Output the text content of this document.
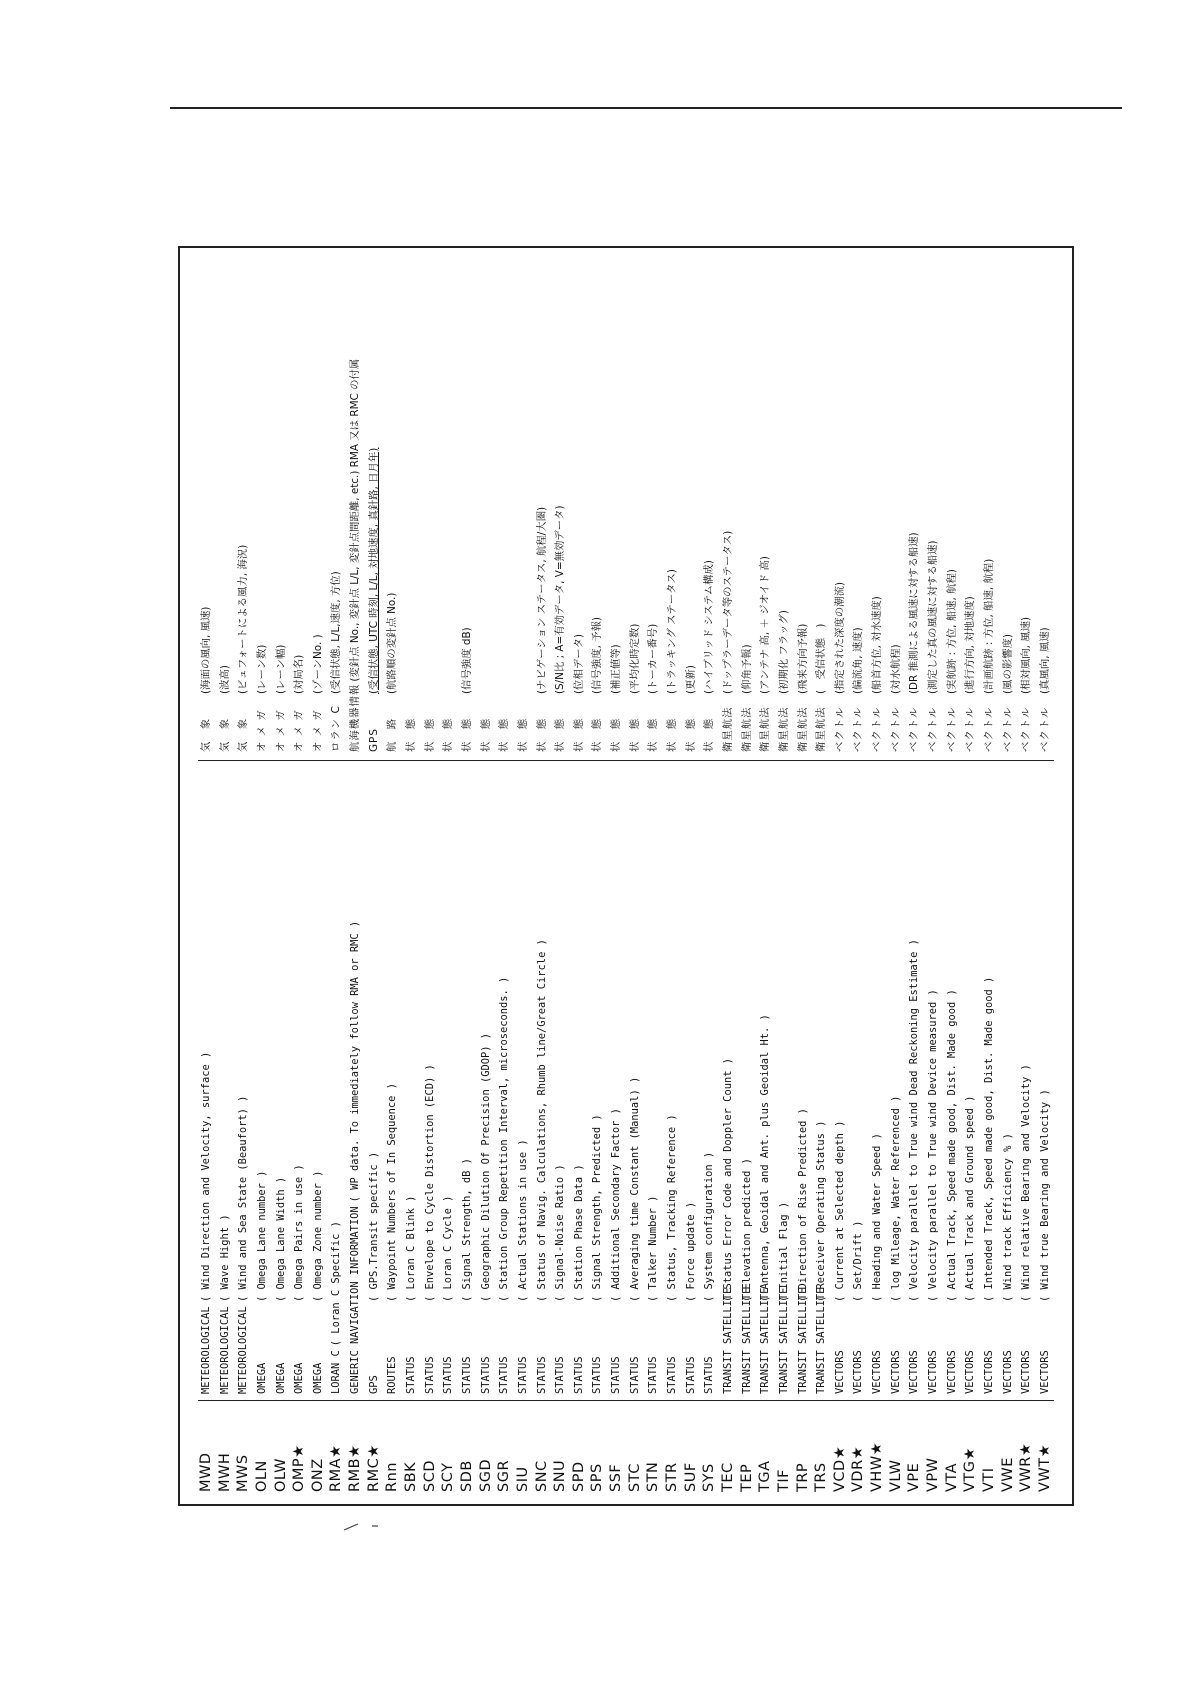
MWD MWH MWS OLN OLW OMP★ ONZ RMA★ RMB★ RMC★ Rnn SBK SCD SCY SDB SGD SGR SIU SNC SNU SPD SPS SSF STC STN STR SUF SYS TEC TEP TGA TIF TRP TRS VCD★ VDR★ VHW★ VLW VPE VPW VTA VTG★ VTI VWE VWR★ VWT★
METEOROLOGICAL( Wind Direction and Velocity, surface )
METEOROLOGICAL( Wave Hight )
METEOROLOGICAL( Wind and Sea State (Beaufort) )
OMEGA( Omega Lane number )
OMEGA( Omega Lane Width )
OMEGA( Omega Pairs in use )
OMEGA( Omega Zone number )
LORAN C( Loran C Specific ) GENERIC NAVIGATION INFORMATION( WP data. To immediately follow RMA or RMC )
GPS( GPS.Transit specific )
ROUTES( Waypoint Numbers of In Sequence )
STATUS( Loran C Blink )
STATUS( Envelope to Cycle Distortion (ECD) )
STATUS( Loran C Cycle )
STATUS( Signal Strength, dB )
STATUS( Geographic Dilution Of Precision (GDOP) )
STATUS( Station Group Repetition Interval, microseconds. )
STATUS( Actual Stations in use )
STATUS( Status of Navig. Calculations, Rhumb line/Great Circle )
STATUS( Signal-Noise Ratio )
STATUS( Station Phase Data )
STATUS( Signal Strength, Predicted )
STATUS( Additional Secondary Factor )
STATUS( Averaging time Constant (Manual) )
STATUS( Talker Number )
STATUS( Status, Tracking Reference )
STATUS( Force update )
STATUS( System configuration )
TRANSIT SATELLITE( Status Error Code and Doppler Count )
TRANSIT SATELLITE( Elevation predicted )
TRANSIT SATELLITE( Antenna, Geoidal and Ant. plus Geoidal Ht. )
TRANSIT SATELLITE( Initial Flag )
TRANSIT SATELLITE( Direction of Rise Predicted )
TRANSIT SATELLITE( Receiver Operating Status )
VECTORS( Current at Selected depth )
VECTORS( Set/Drift )
VECTORS( Heading and Water Speed )
VECTORS( log Mileage, Water Referenced )
VECTORS( Velocity parallel to True wind Dead Reckoning Estimate )
VECTORS( Velocity parallel to True wind Device measured )
VECTORS( Actual Track, Speed made good, Dist. Made good )
VECTORS( Actual Track and Ground speed )
VECTORS( Intended Track, Speed made good, Dist. Made good )
VECTORS( Wind track Efficiency % )
VECTORS( Wind relative Bearing and Velocity )
VECTORS( Wind true Bearing and Velocity )
気　象(海面の風向, 風速)
気　象(波高)
気　象(ビュフォートによる風力, 海況)
オ メ ガ(レーン数)
オ メ ガ(レーン幅)
オ メ ガ(対局名)
オ メ ガ(ゾーンNo. )
ロラン C(受信状態, L/L,速度, 方位)
航海機器情報(変針点 No., 変針点 L/L, 変針点間距離, etc.) RMA 又は RMC の付属
GPS(受信状態, UTC 時刻, L/L, 対地速度, 真針路, 日月年)
航　路(航路順の変針点 No.)
状　態 状　態 状　態 状　態(信号強度 dB)
状　態 状　態 状　態 状　態(ナビゲーション ステータス, 航程/大圏)
状　態(S/N比 ; A=有効データ, V=無効データ)
状　態(位相データ)
状　態(信号強度, 予報)
状　態(補正値等)
状　態(平均化時定数)
状　態(トーカー番号)
状　態(トラッキング ステータス)
状　態(更新)
状　態(ハイブリッド システム構成)
衛星航法(ドップラーデータ等のステータス)
衛星航法(仰角予報)
衛星航法(アンテナ 高, ＋ ジオイド 高)
衛星航法(初期化 フラッグ)
衛星航法(飛来方向予報)
衛星航法(　受信状態　)
ベクトル(指定された深度の潮流)
ベクトル(偏流角, 速度)
ベクトル(船首方位, 対水速度)
ベクトル(対水航程)
ベクトル(DR 推測による風速に対する船速)
ベクトル(測定した真の風速に対する船速)
ベクトル(実航跡 : 方位, 船速, 航程)
ベクトル(進行方向, 対地速度)
ベクトル(計画航跡 : 方位, 船速, 航程)
ベクトル(風の影響度)
ベクトル(相対風向, 風速)
ベクトル(真風向, 風速)
